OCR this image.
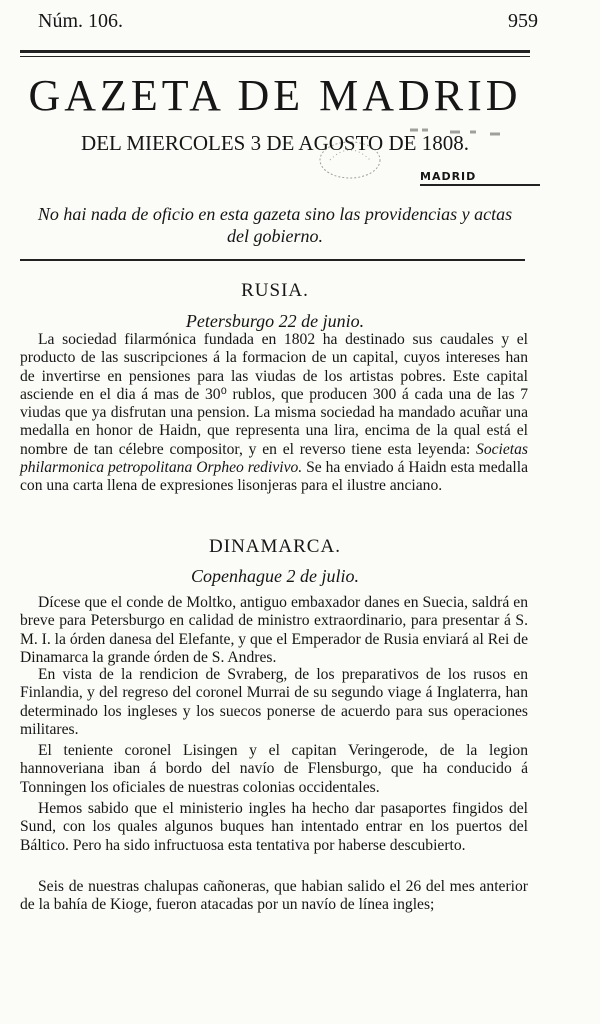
Núm. 106.	959
GAZETA DE MADRID
DEL MIERCOLES 3 DE AGOSTO DE 1808.
MADRID
No hai nada de oficio en esta gazeta sino las providencias y actas
del gobierno.
RUSIA.
Petersburgo 22 de junio.
La sociedad filarmónica fundada en 1802 ha destinado sus caudales y el producto de las suscripciones á la formacion de un capital, cuyos intereses han de invertirse en pensiones para las viudas de los artistas pobres. Este capital asciende en el dia á mas de 30⁰ rublos, que producen 300 á cada una de las 7 viudas que ya disfrutan una pension. La misma sociedad ha mandado acuñar una medalla en honor de Haidn, que representa una lira, encima de la qual está el nombre de tan célebre compositor, y en el reverso tiene esta leyenda: Societas philarmonica petropolitana Orpheo redivivo. Se ha enviado á Haidn esta medalla con una carta llena de expresiones lisonjeras para el ilustre anciano.
DINAMARCA.
Copenhague 2 de julio.
Dícese que el conde de Moltko, antiguo embaxador danes en Suecia, saldrá en breve para Petersburgo en calidad de ministro extraordinario, para presentar á S. M. I. la órden danesa del Elefante, y que el Emperador de Rusia enviará al Rei de Dinamarca la grande órden de S. Andres.
En vista de la rendicion de Svraberg, de los preparativos de los rusos en Finlandia, y del regreso del coronel Murrai de su segundo viage á Inglaterra, han determinado los ingleses y los suecos ponerse de acuerdo para sus operaciones militares.
El teniente coronel Lisingen y el capitan Veringerode, de la legion hannoveriana iban á bordo del navío de Flensburgo, que ha conducido á Tonningen los oficiales de nuestras colonias occidentales.
Hemos sabido que el ministerio ingles ha hecho dar pasaportes fingidos del Sund, con los quales algunos buques han intentado entrar en los puertos del Báltico. Pero ha sido infructuosa esta tentativa por haberse descubierto.
Seis de nuestras chalupas cañoneras, que habian salido el 26 del mes anterior de la bahía de Kioge, fueron atacadas por un navío de línea ingles;
